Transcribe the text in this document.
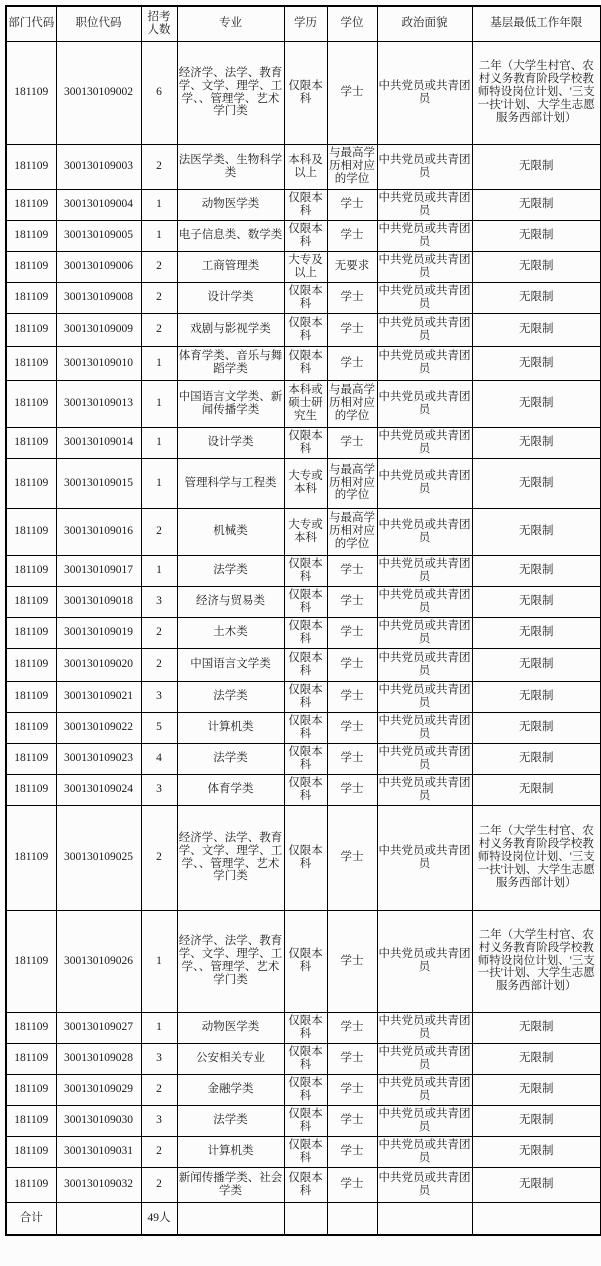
部门代码	职位代码	招考人数	专业	学历	学位	政治面貌	基层最低工作年限
181109	300130109002	6	经济学、法学、教育学、文学、理学、工学、、管理学、艺术学门类	仅限本科	学士	中共党员或共青团员	二年（大学生村官、农村义务教育阶段学校教师特设岗位计划、'三支一扶'计划、大学生志愿服务西部计划）
181109	300130109003	2	法医学类、生物科学类	本科及以上	与最高学历相对应的学位	中共党员或共青团员	无限制
181109	300130109004	1	动物医学类	仅限本科	学士	中共党员或共青团员	无限制
181109	300130109005	1	电子信息类、数学类	仅限本科	学士	中共党员或共青团员	无限制
181109	300130109006	2	工商管理类	大专及以上	无要求	中共党员或共青团员	无限制
181109	300130109008	2	设计学类	仅限本科	学士	中共党员或共青团员	无限制
181109	300130109009	2	戏剧与影视学类	仅限本科	学士	中共党员或共青团员	无限制
181109	300130109010	1	体育学类、音乐与舞蹈学类	仅限本科	学士	中共党员或共青团员	无限制
181109	300130109013	1	中国语言文学类、新闻传播学类	本科或硕士研究生	与最高学历相对应的学位	中共党员或共青团员	无限制
181109	300130109014	1	设计学类	仅限本科	学士	中共党员或共青团员	无限制
181109	300130109015	1	管理科学与工程类	大专或本科	与最高学历相对应的学位	中共党员或共青团员	无限制
181109	300130109016	2	机械类	大专或本科	与最高学历相对应的学位	中共党员或共青团员	无限制
181109	300130109017	1	法学类	仅限本科	学士	中共党员或共青团员	无限制
181109	300130109018	3	经济与贸易类	仅限本科	学士	中共党员或共青团员	无限制
181109	300130109019	2	土木类	仅限本科	学士	中共党员或共青团员	无限制
181109	300130109020	2	中国语言文学类	仅限本科	学士	中共党员或共青团员	无限制
181109	300130109021	3	法学类	仅限本科	学士	中共党员或共青团员	无限制
181109	300130109022	5	计算机类	仅限本科	学士	中共党员或共青团员	无限制
181109	300130109023	4	法学类	仅限本科	学士	中共党员或共青团员	无限制
181109	300130109024	3	体育学类	仅限本科	学士	中共党员或共青团员	无限制
181109	300130109025	2	经济学、法学、教育学、文学、理学、工学、、管理学、艺术学门类	仅限本科	学士	中共党员或共青团员	二年（大学生村官、农村义务教育阶段学校教师特设岗位计划、'三支一扶'计划、大学生志愿服务西部计划）
181109	300130109026	1	经济学、法学、教育学、文学、理学、工学、、管理学、艺术学门类	仅限本科	学士	中共党员或共青团员	二年（大学生村官、农村义务教育阶段学校教师特设岗位计划、'三支一扶'计划、大学生志愿服务西部计划）
181109	300130109027	1	动物医学类	仅限本科	学士	中共党员或共青团员	无限制
181109	300130109028	3	公安相关专业	仅限本科	学士	中共党员或共青团员	无限制
181109	300130109029	2	金融学类	仅限本科	学士	中共党员或共青团员	无限制
181109	300130109030	3	法学类	仅限本科	学士	中共党员或共青团员	无限制
181109	300130109031	2	计算机类	仅限本科	学士	中共党员或共青团员	无限制
181109	300130109032	2	新闻传播学类、社会学类	仅限本科	学士	中共党员或共青团员	无限制
合计		49人					
